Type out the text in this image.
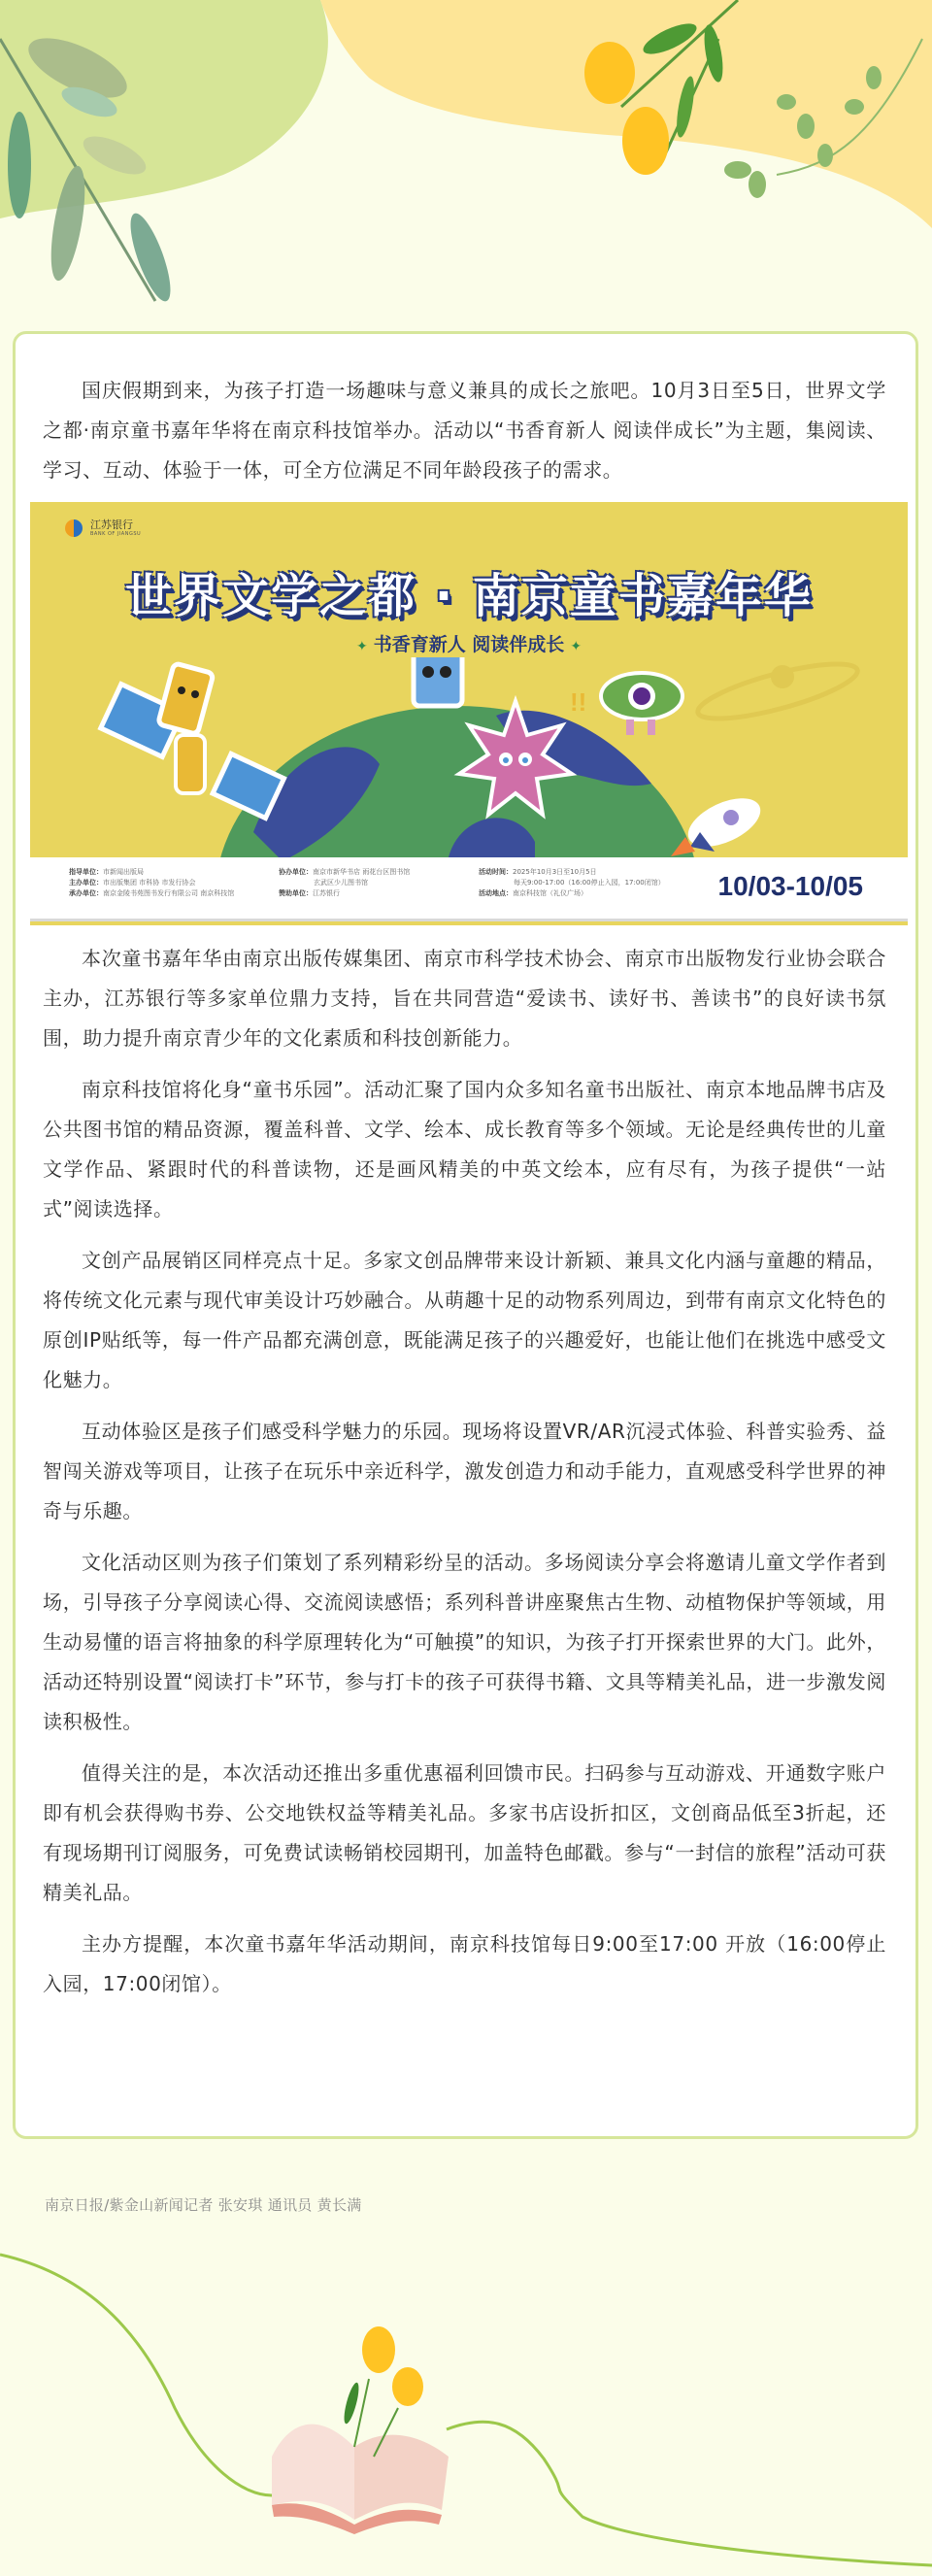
国庆假期到来，为孩子打造一场趣味与意义兼具的成长之旅吧。10月3日至5日，世界文学之都·南京童书嘉年华将在南京科技馆举办。活动以“书香育新人 阅读伴成长”为主题，集阅读、学习、互动、体验于一体，可全方位满足不同年龄段孩子的需求。

江苏银行
BANK OF JIANGSU
世界文学之都 · 南京童书嘉年华
✦ 书香育新人 阅读伴成长 ✦
!!
指导单位：市新闻出版局
主办单位：市出版集团 市科协 市发行协会
承办单位：南京金陵书苑图书发行有限公司 南京科技馆
协办单位：南京市新华书店 雨花台区图书馆
玄武区少儿图书馆
赞助单位：江苏银行
活动时间：2025年10月3日至10月5日
每天9:00-17:00（16:00停止入园，17:00闭馆）
活动地点：南京科技馆（礼仪广场）	10/03-10/05

本次童书嘉年华由南京出版传媒集团、南京市科学技术协会、南京市出版物发行业协会联合主办，江苏银行等多家单位鼎力支持，旨在共同营造“爱读书、读好书、善读书”的良好读书氛围，助力提升南京青少年的文化素质和科技创新能力。

南京科技馆将化身“童书乐园”。活动汇聚了国内众多知名童书出版社、南京本地品牌书店及公共图书馆的精品资源，覆盖科普、文学、绘本、成长教育等多个领域。无论是经典传世的儿童文学作品、紧跟时代的科普读物，还是画风精美的中英文绘本，应有尽有，为孩子提供“一站式”阅读选择。

文创产品展销区同样亮点十足。多家文创品牌带来设计新颖、兼具文化内涵与童趣的精品，将传统文化元素与现代审美设计巧妙融合。从萌趣十足的动物系列周边，到带有南京文化特色的原创IP贴纸等，每一件产品都充满创意，既能满足孩子的兴趣爱好，也能让他们在挑选中感受文化魅力。

互动体验区是孩子们感受科学魅力的乐园。现场将设置VR/AR沉浸式体验、科普实验秀、益智闯关游戏等项目，让孩子在玩乐中亲近科学，激发创造力和动手能力，直观感受科学世界的神奇与乐趣。

文化活动区则为孩子们策划了系列精彩纷呈的活动。多场阅读分享会将邀请儿童文学作者到场，引导孩子分享阅读心得、交流阅读感悟；系列科普讲座聚焦古生物、动植物保护等领域，用生动易懂的语言将抽象的科学原理转化为“可触摸”的知识，为孩子打开探索世界的大门。此外，活动还特别设置“阅读打卡”环节，参与打卡的孩子可获得书籍、文具等精美礼品，进一步激发阅读积极性。

值得关注的是，本次活动还推出多重优惠福利回馈市民。扫码参与互动游戏、开通数字账户即有机会获得购书券、公交地铁权益等精美礼品。多家书店设折扣区，文创商品低至3折起，还有现场期刊订阅服务，可免费试读畅销校园期刊，加盖特色邮戳。参与“一封信的旅程”活动可获精美礼品。

主办方提醒，本次童书嘉年华活动期间，南京科技馆每日9:00至17:00 开放（16:00停止入园，17:00闭馆）。

南京日报/紫金山新闻记者 张安琪 通讯员 黄长满
